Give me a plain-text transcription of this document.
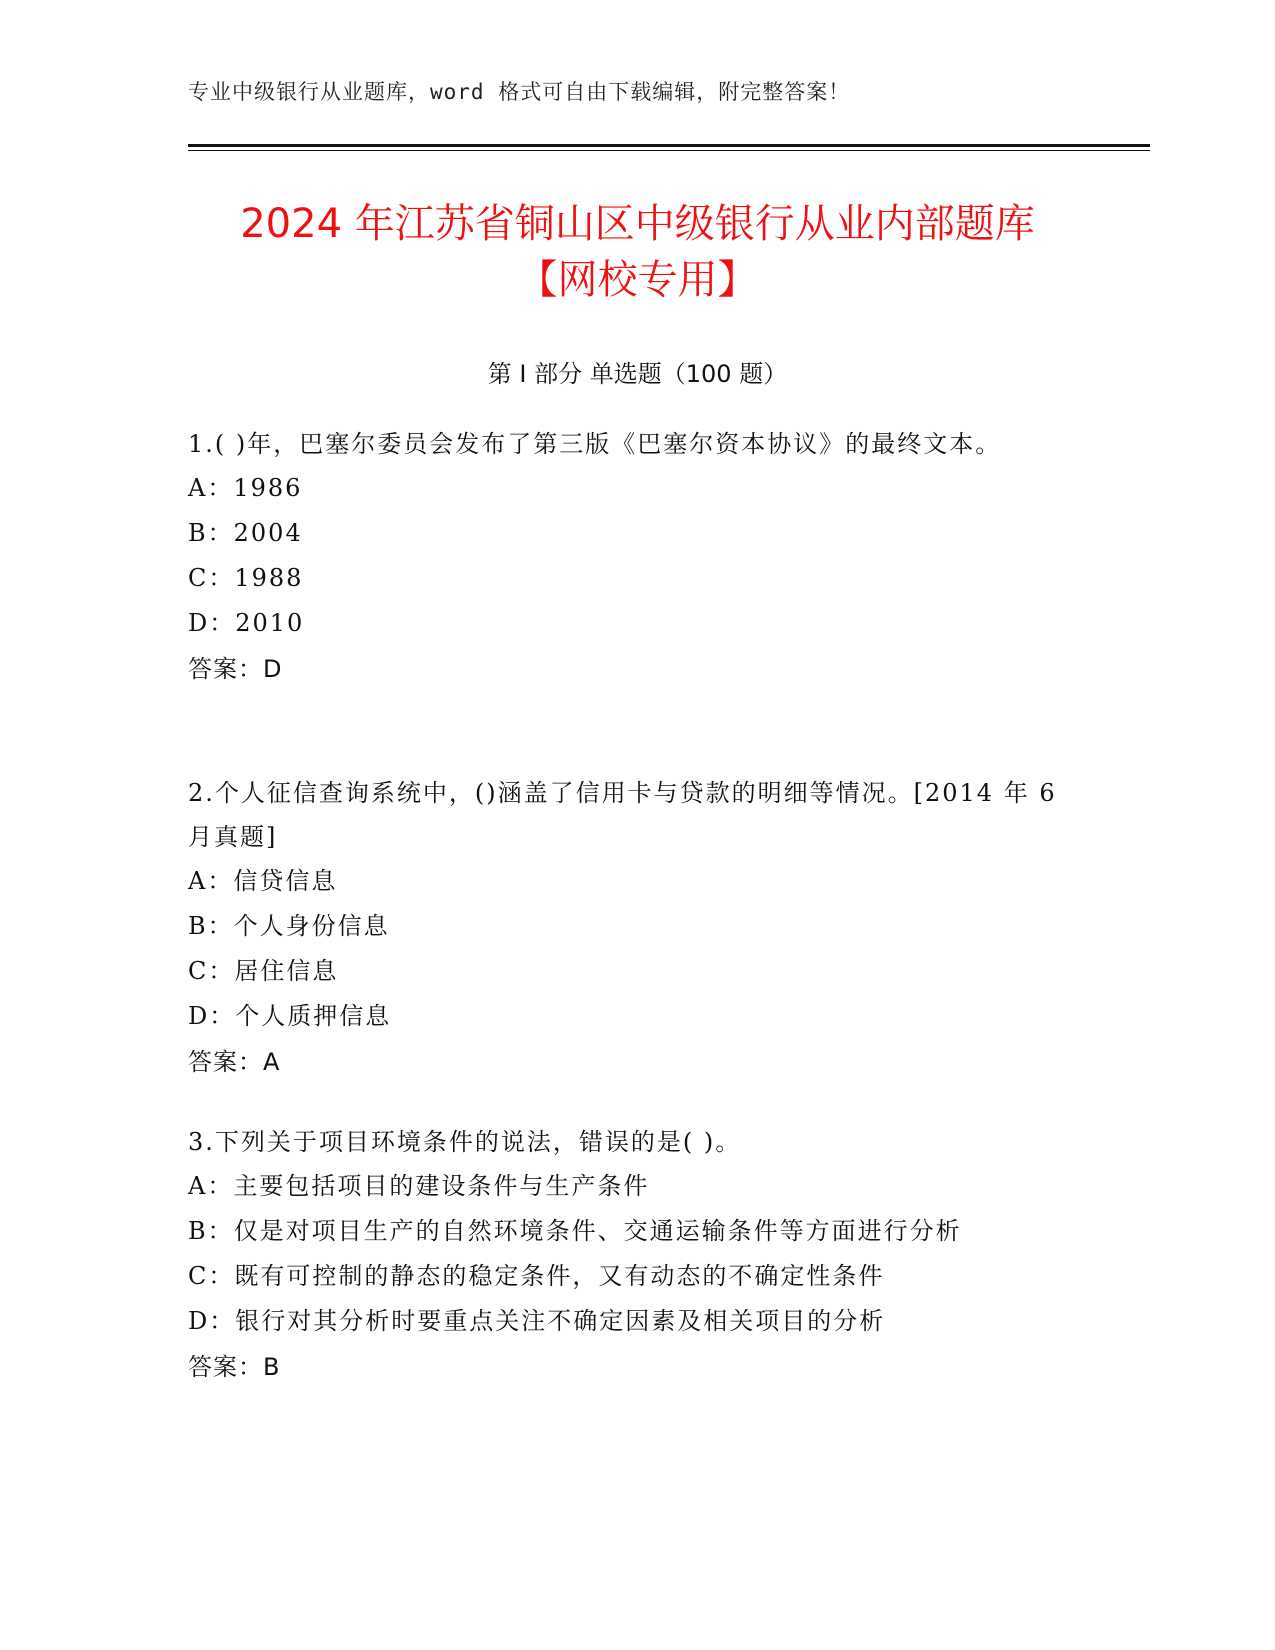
专业中级银行从业题库，word 格式可自由下载编辑，附完整答案！
2024 年江苏省铜山区中级银行从业内部题库
【网校专用】
第 I 部分 单选题（100 题）

1.( )年，巴塞尔委员会发布了第三版《巴塞尔资本协议》的最终文本。

A：1986

B：2004

C：1988

D：2010

答案：D

2.个人征信查询系统中，()涵盖了信用卡与贷款的明细等情况。[2014 年 6 月真题]

A：信贷信息

B：个人身份信息

C：居住信息

D：个人质押信息

答案：A

3.下列关于项目环境条件的说法，错误的是( )。

A：主要包括项目的建设条件与生产条件

B：仅是对项目生产的自然环境条件、交通运输条件等方面进行分析

C：既有可控制的静态的稳定条件，又有动态的不确定性条件

D：银行对其分析时要重点关注不确定因素及相关项目的分析

答案：B
